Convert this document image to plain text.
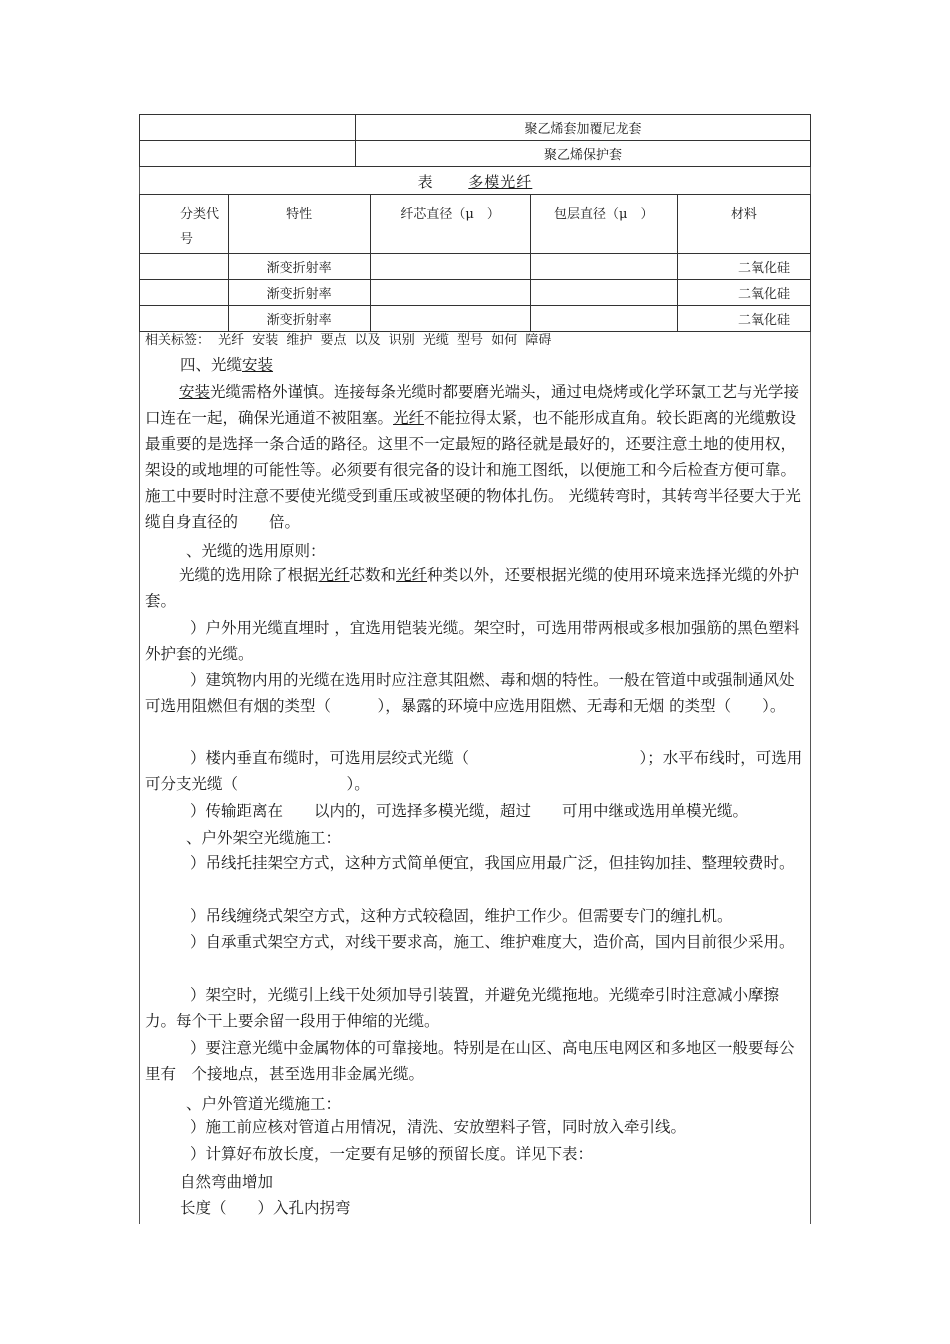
	聚乙烯套加覆尼龙套
	聚乙烯保护套
表 多模光纤
分类代
号	特性	纤芯直径（μ　）	包层直径（μ　）	材料
	渐变折射率			二氧化硅
	渐变折射率			二氧化硅
	渐变折射率			二氧化硅
相关标签： 光纤 安装 维护 要点 以及 识别 光缆 型号 如何 障碍
四、光缆安装
安装光缆需格外谨慎。连接每条光缆时都要磨光端头，通过电烧烤或化学环氯工艺与光学接口连在一起，确保光通道不被阻塞。光纤不能拉得太紧，也不能形成直角。较长距离的光缆敷设最重要的是选择一条合适的路径。这里不一定最短的路径就是最好的，还要注意土地的使用权，架设的或地埋的可能性等。必须要有很完备的设计和施工图纸，以便施工和今后检查方便可靠。施工中要时时注意不要使光缆受到重压或被坚硬的物体扎伤。 光缆转弯时，其转弯半径要大于光缆自身直径的　　倍。
、光缆的选用原则：
光缆的选用除了根据光纤芯数和光纤种类以外，还要根据光缆的使用环境来选择光缆的外护套。
）户外用光缆直埋时 ，宜选用铠装光缆。架空时，可选用带两根或多根加强筋的黑色塑料外护套的光缆。
）建筑物内用的光缆在选用时应注意其阻燃、毒和烟的特性。一般在管道中或强制通风处可选用阻燃但有烟的类型（　　　），暴露的环境中应选用阻燃、无毒和无烟 的类型（　　）。
）楼内垂直布缆时，可选用层绞式光缆（　　　　　　　　　　　）；水平布线时，可选用可分支光缆（　　　　　　　）。
）传输距离在　　以内的，可选择多模光缆，超过　　可用中继或选用单模光缆。
、户外架空光缆施工：
）吊线托挂架空方式，这种方式简单便宜，我国应用最广泛，但挂钩加挂、整理较费时。
）吊线缠绕式架空方式，这种方式较稳固，维护工作少。但需要专门的缠扎机。
）自承重式架空方式，对线干要求高，施工、维护难度大，造价高，国内目前很少采用。
）架空时，光缆引上线干处须加导引装置，并避免光缆拖地。光缆牵引时注意减小摩擦力。每个干上要余留一段用于伸缩的光缆。
）要注意光缆中金属物体的可靠接地。特别是在山区、高电压电网区和多地区一般要每公里有　个接地点，甚至选用非金属光缆。
、户外管道光缆施工：
）施工前应核对管道占用情况，清洗、安放塑料子管，同时放入牵引线。
）计算好布放长度，一定要有足够的预留长度。详见下表：
自然弯曲增加
长度（　　）入孔内拐弯
